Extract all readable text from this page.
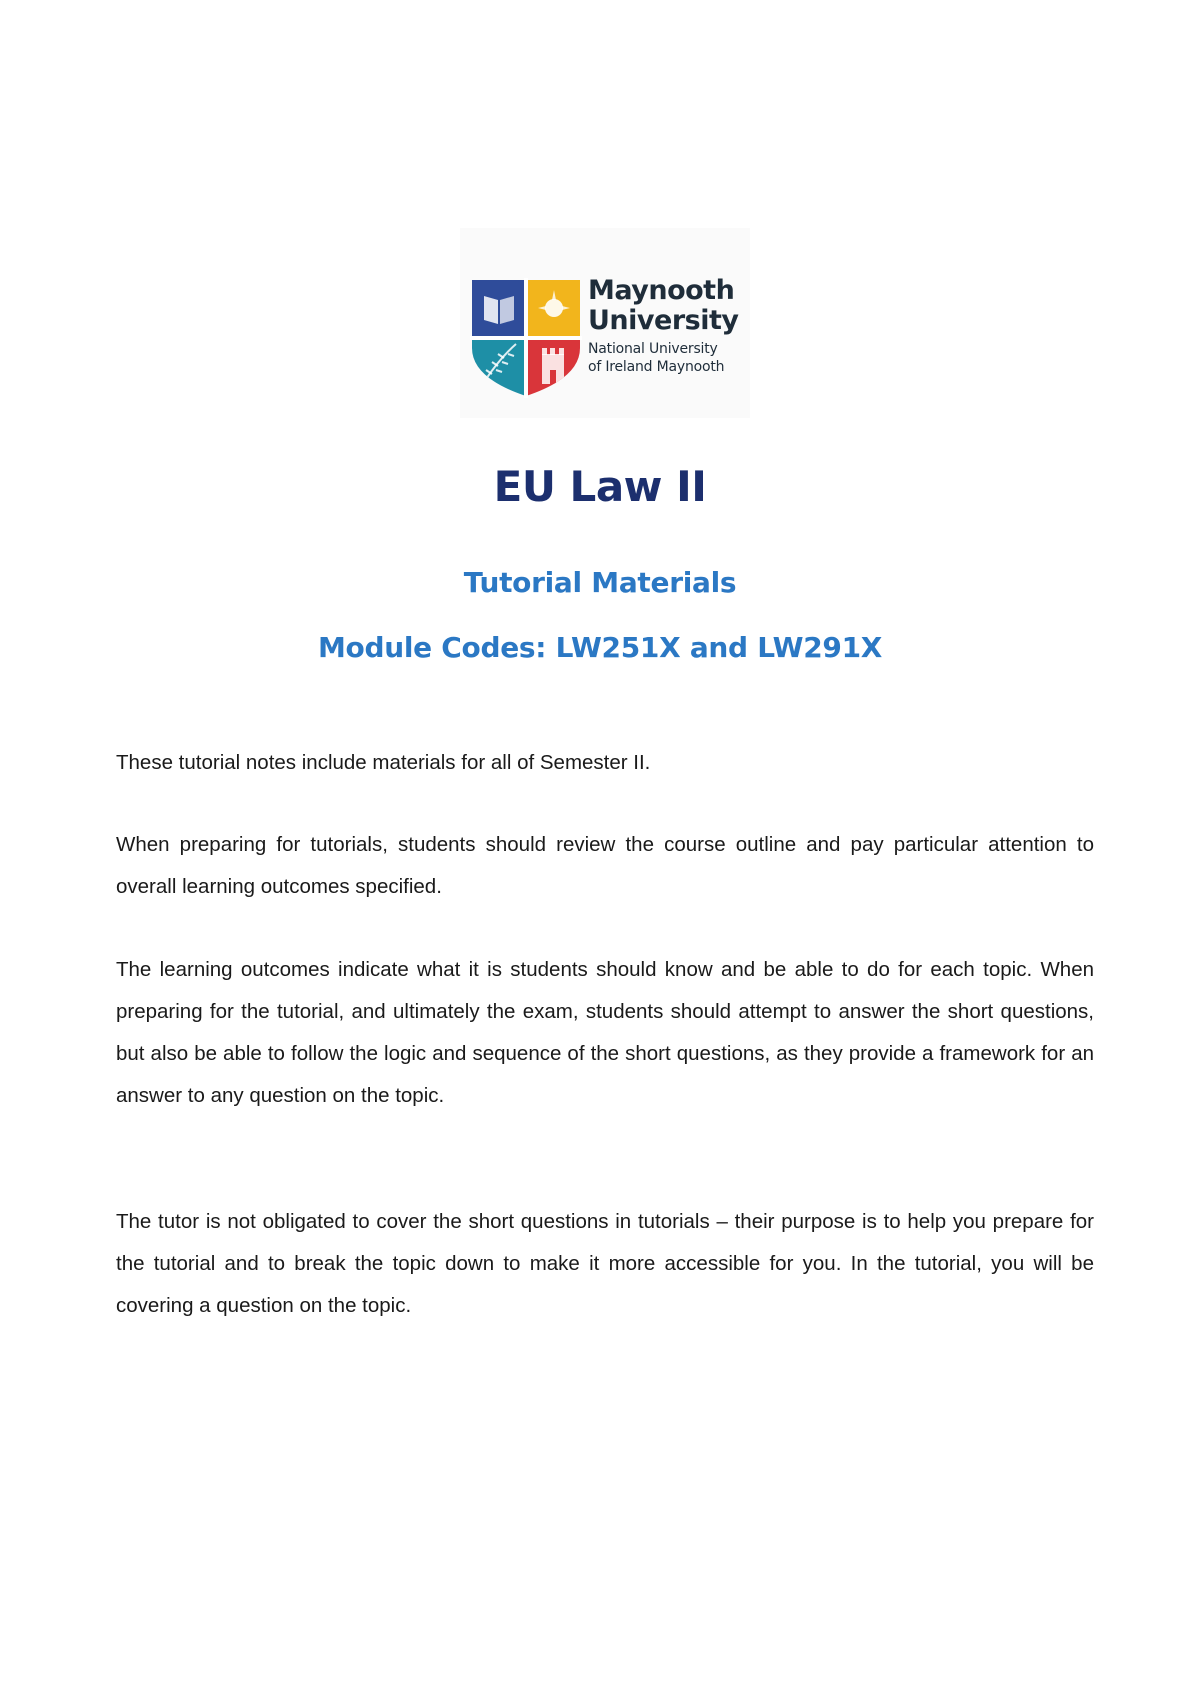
Maynooth
University
National University
of Ireland Maynooth
EU Law II
Tutorial Materials
Module Codes: LW251X and LW291X

These tutorial notes include materials for all of Semester II.

When preparing for tutorials, students should review the course outline and pay particular attention to overall learning outcomes specified.

The learning outcomes indicate what it is students should know and be able to do for each topic. When preparing for the tutorial, and ultimately the exam, students should attempt to answer the short questions, but also be able to follow the logic and sequence of the short questions, as they provide a framework for an answer to any question on the topic.

The tutor is not obligated to cover the short questions in tutorials – their purpose is to help you prepare for the tutorial and to break the topic down to make it more accessible for you. In the tutorial, you will be covering a question on the topic.
